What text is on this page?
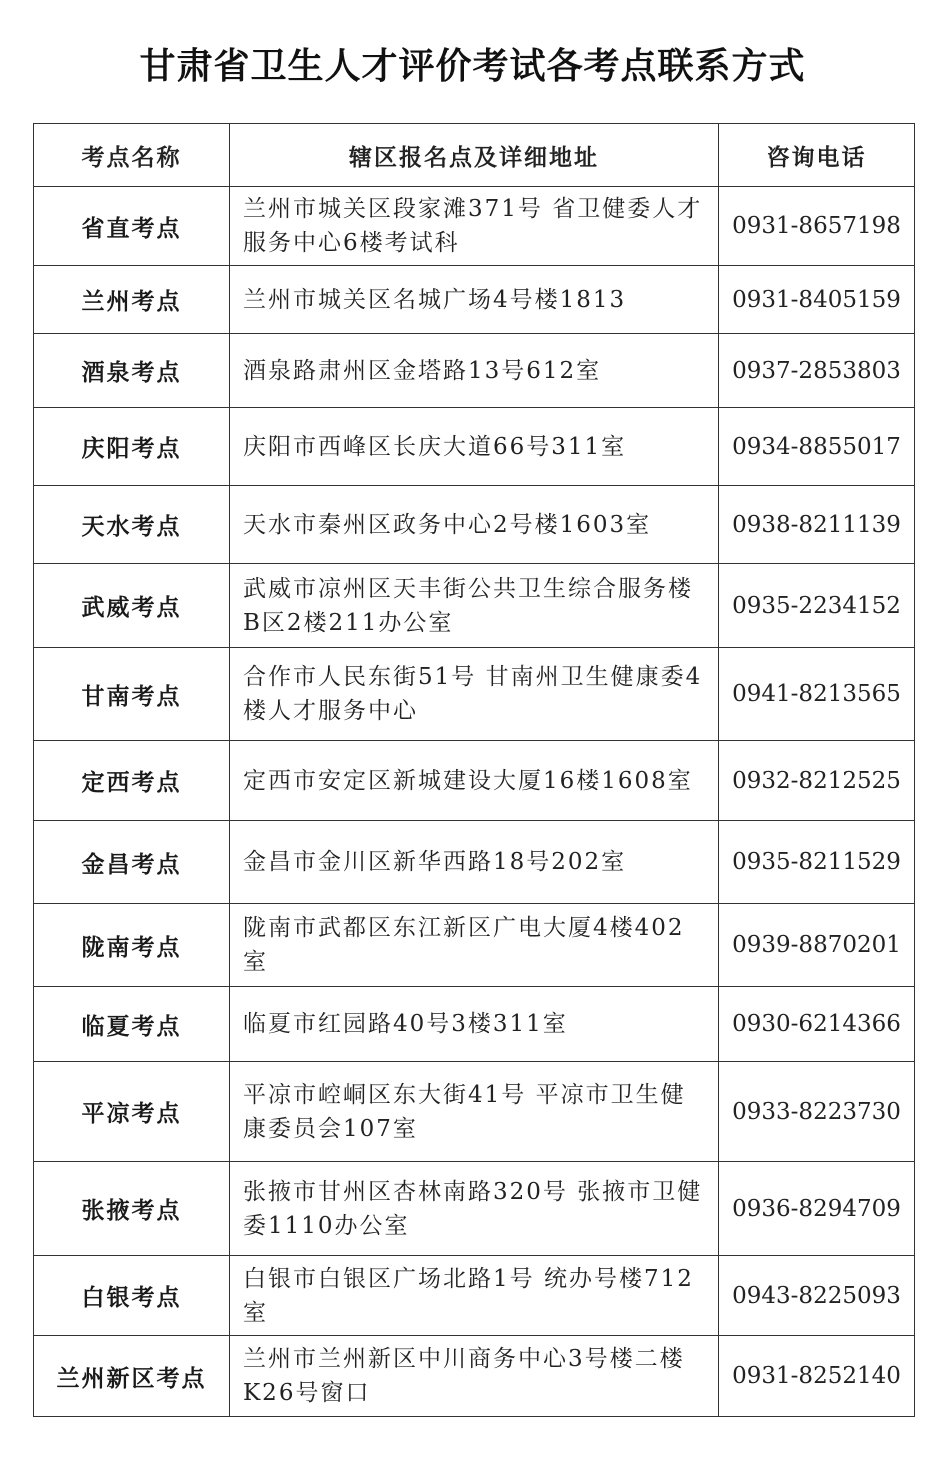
甘肃省卫生人才评价考试各考点联系方式
考点名称	辖区报名点及详细地址	咨询电话
省直考点	兰州市城关区段家滩371号 省卫健委人才服务中心6楼考试科	0931-8657198
兰州考点	兰州市城关区名城广场4号楼1813	0931-8405159
酒泉考点	酒泉路肃州区金塔路13号612室	0937-2853803
庆阳考点	庆阳市西峰区长庆大道66号311室	0934-8855017
天水考点	天水市秦州区政务中心2号楼1603室	0938-8211139
武威考点	武威市凉州区天丰街公共卫生综合服务楼B区2楼211办公室	0935-2234152
甘南考点	合作市人民东街51号 甘南州卫生健康委4楼人才服务中心	0941-8213565
定西考点	定西市安定区新城建设大厦16楼1608室	0932-8212525
金昌考点	金昌市金川区新华西路18号202室	0935-8211529
陇南考点	陇南市武都区东江新区广电大厦4楼402室	0939-8870201
临夏考点	临夏市红园路40号3楼311室	0930-6214366
平凉考点	平凉市崆峒区东大街41号 平凉市卫生健康委员会107室	0933-8223730
张掖考点	张掖市甘州区杏林南路320号 张掖市卫健委1110办公室	0936-8294709
白银考点	白银市白银区广场北路1号 统办号楼712室	0943-8225093
兰州新区考点	兰州市兰州新区中川商务中心3号楼二楼K26号窗口	0931-8252140
